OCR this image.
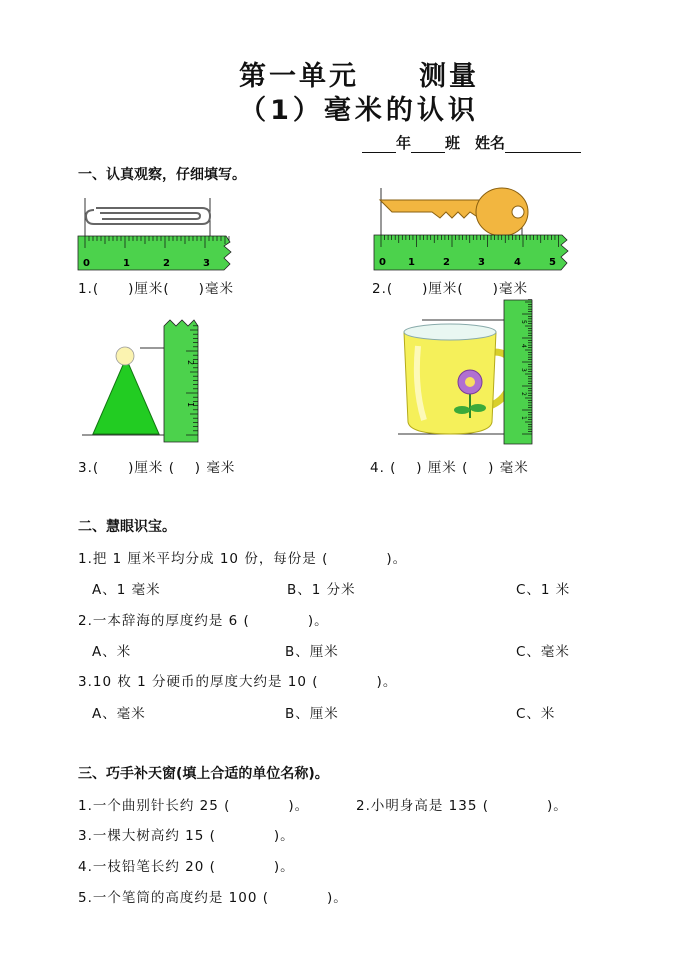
第一单元　　测量
（1）毫米的认识
年 班　 姓名
一、认真观察，仔细填写。
0	1	2	3
1.(　　)厘米(　　)毫米
0 1	2	3	4	5
2.(　　)厘米(　　)毫米
1
2
3.(　　)厘米 (　 ) 毫米
1
2
3
4
5
4. (　 ) 厘米 (　 ) 毫米
二、慧眼识宝。
1.把 1 厘米平均分成 10 份，每份是 (　　　　)。
A、1 毫米	B、1 分米	C、1 米
2.一本辞海的厚度约是 6 (　　　　)。
A、米	B、厘米	C、毫米
3.10 枚 1 分硬币的厚度大约是 10 (　　　　)。
A、毫米	B、厘米	C、米
三、巧手补天窗(填上合适的单位名称)。
1.一个曲别针长约 25 (　　　　)。	2.小明身高是 135 (　　　　)。
3.一棵大树高约 15 (　　　　)。
4.一枝铅笔长约 20 (　　　　)。
5.一个笔筒的高度约是 100 (　　　　)。
